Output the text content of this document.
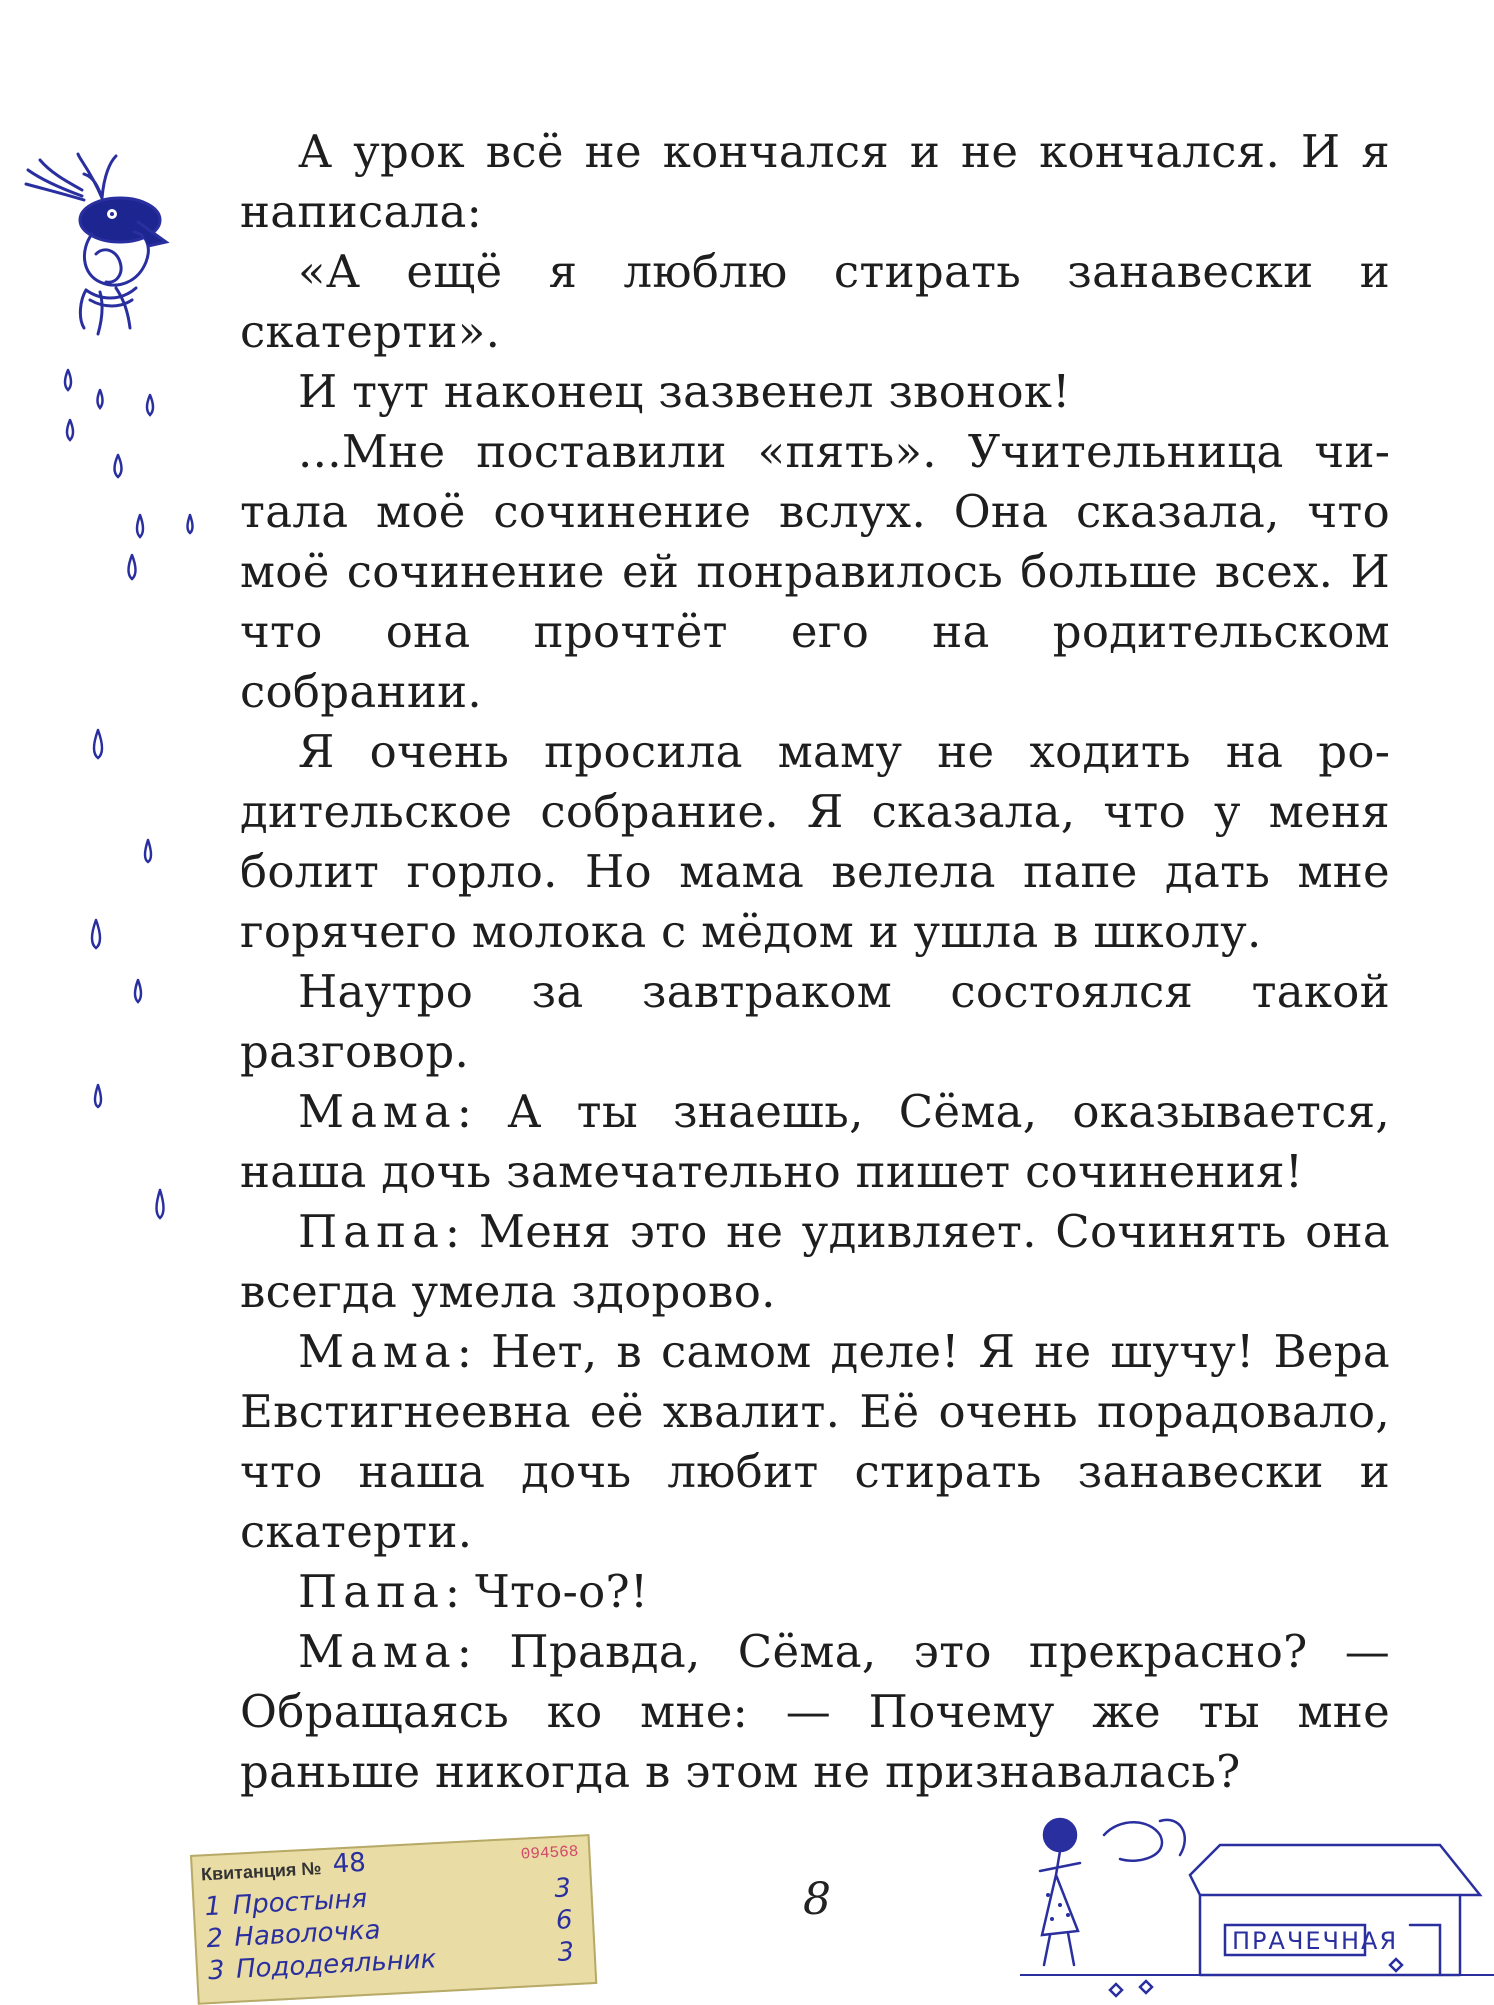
А урок всё не кончался и не кончался. И я написала:

«А ещё я люблю стирать занавески и скатерти».

И тут наконец зазвенел звонок!

...Мне поставили «пять». Учительница читала моё сочинение вслух. Она сказала, что моё сочинение ей понравилось больше всех. И что она прочтёт его на родительском собрании.

Я очень просила маму не ходить на родительское собрание. Я сказала, что у меня болит горло. Но мама велела папе дать мне горячего молока с мёдом и ушла в школу.

Наутро за завтраком состоялся такой разговор.

Мама: А ты знаешь, Сёма, оказывается, наша дочь замечательно пишет сочинения!

Папа: Меня это не удивляет. Сочинять она всегда умела здорово.

Мама: Нет, в самом деле! Я не шучу! Вера Евстигнеевна её хвалит. Её очень порадовало, что наша дочь любит стирать занавески и скатерти.

Папа: Что-о?!

Мама: Правда, Сёма, это прекрасно? — Обращаясь ко мне: — Почему же ты мне раньше никогда в этом не признавалась?

Квитанция № 48	094568
1 Простыня	3
2 Наволочка	6
3 Пододеяльник	3
8
ПРАЧЕЧНАЯ
